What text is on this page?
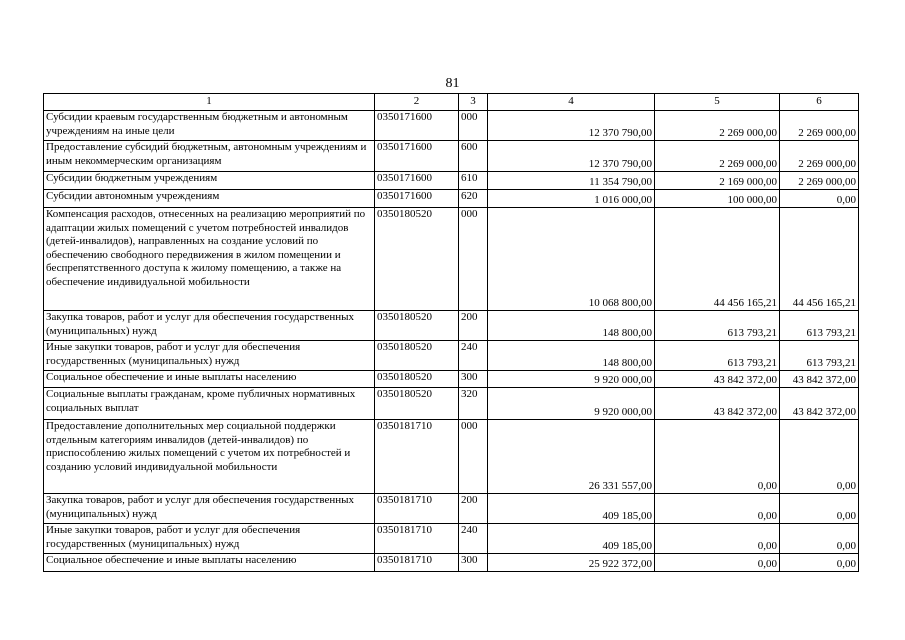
81
1	2	3	4	5	6
Субсидии краевым государственным бюджетным и автономным учреждениям на иные цели	0350171600	000	12 370 790,00	2 269 000,00	2 269 000,00
Предоставление субсидий бюджетным, автономным учреждениям и иным некоммерческим организациям	0350171600	600	12 370 790,00	2 269 000,00	2 269 000,00
Субсидии бюджетным учреждениям	0350171600	610	11 354 790,00	2 169 000,00	2 269 000,00
Субсидии автономным учреждениям	0350171600	620	1 016 000,00	100 000,00	0,00
Компенсация расходов, отнесенных на реализацию мероприятий по адаптации жилых помещений с учетом потребностей инвалидов (детей-инвалидов), направленных на создание условий по обеспечению свободного передвижения в жилом помещении и беспрепятственного доступа к жилому помещению, а также на обеспечение индивидуальной мобильности	0350180520	000	10 068 800,00	44 456 165,21	44 456 165,21
Закупка товаров, работ и услуг для обеспечения государственных (муниципальных) нужд	0350180520	200	148 800,00	613 793,21	613 793,21
Иные закупки товаров, работ и услуг для обеспечения государственных (муниципальных) нужд	0350180520	240	148 800,00	613 793,21	613 793,21
Социальное обеспечение и иные выплаты населению	0350180520	300	9 920 000,00	43 842 372,00	43 842 372,00
Социальные выплаты гражданам, кроме публичных нормативных социальных выплат	0350180520	320	9 920 000,00	43 842 372,00	43 842 372,00
Предоставление дополнительных мер социальной поддержки отдельным категориям инвалидов (детей-инвалидов) по приспособлению жилых помещений с учетом их потребностей и созданию условий индивидуальной мобильности	0350181710	000	26 331 557,00	0,00	0,00
Закупка товаров, работ и услуг для обеспечения государственных (муниципальных) нужд	0350181710	200	409 185,00	0,00	0,00
Иные закупки товаров, работ и услуг для обеспечения государственных (муниципальных) нужд	0350181710	240	409 185,00	0,00	0,00
Социальное обеспечение и иные выплаты населению	0350181710	300	25 922 372,00	0,00	0,00
